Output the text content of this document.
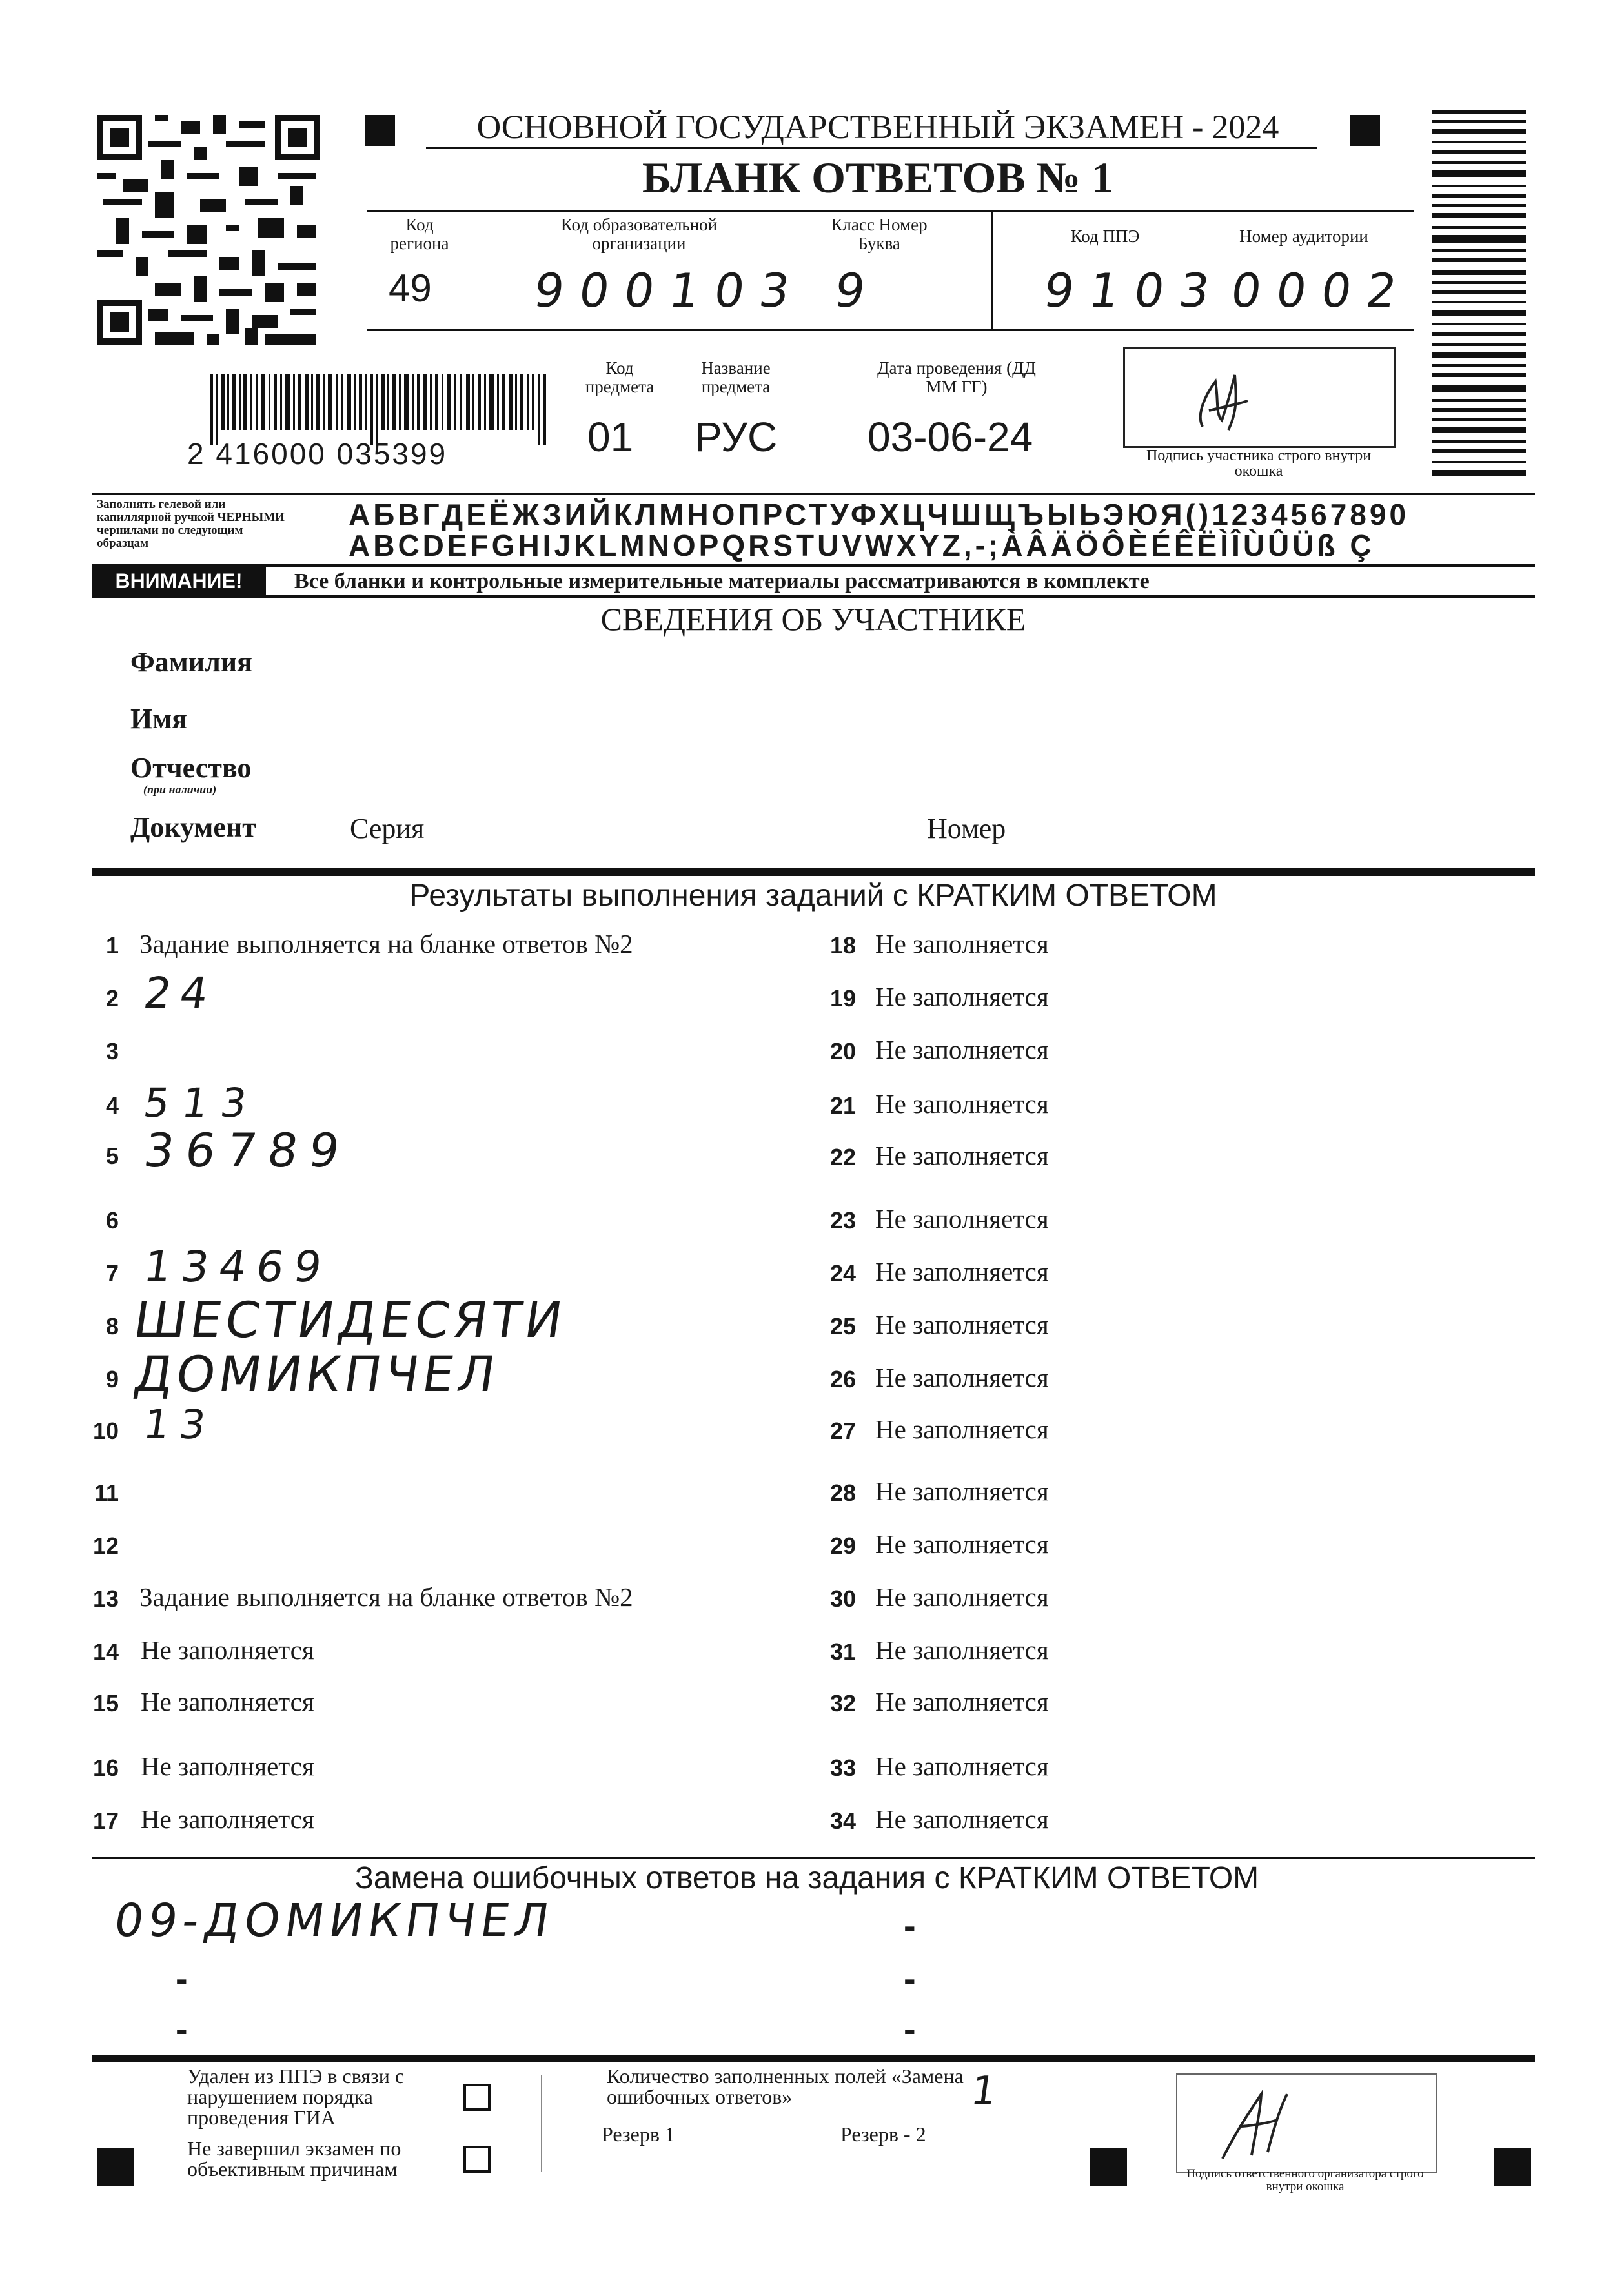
ОСНОВНОЙ ГОСУДАРСТВЕННЫЙ ЭКЗАМЕН - 2024
БЛАНК ОТВЕТОВ № 1
Код региона
49
Код образовательной организации
900103
Класс Номер Буква
9
Код ППЭ
9103
Номер аудитории
0002
2 416000 035399
Код предмета
01
Название предмета
РУС
Дата проведения (ДД ММ ГГ)
03-06-24	Подпись участника строго внутри окошка
Заполнять гелевой или капиллярной ручкой ЧЕРНЫМИ чернилами по следующим образцам
АБВГДЕЁЖЗИЙКЛМНОПРСТУФХЦЧШЩЪЫЬЭЮЯ()1234567890
ABCDEFGHIJKLMNOPQRSTUVWXYZ,-;ÀÂÄÖÔÈÉÊËÌÎÙÛÜß Ç
ВНИМАНИЕ!	Все бланки и контрольные измерительные материалы рассматриваются в комплекте
СВЕДЕНИЯ ОБ УЧАСТНИКЕ
Фамилия
Имя
Отчество
(при наличии)
Документ	Серия	Номер
Результаты выполнения заданий с КРАТКИМ ОТВЕТОМ
1 Задание выполняется на бланке ответов №2
2 24
3
4 513
5 36789
6
7 13469
8 ШЕСТИДЕСЯТИ
9 ДОМИКПЧЕЛ
10 13
11
12
13 Задание выполняется на бланке ответов №2
14 Не заполняется
15 Не заполняется
16 Не заполняется
17 Не заполняется
18 Не заполняется
19 Не заполняется
20 Не заполняется
21 Не заполняется
22 Не заполняется
23 Не заполняется
24 Не заполняется
25 Не заполняется
26 Не заполняется
27 Не заполняется
28 Не заполняется
29 Не заполняется
30 Не заполняется
31 Не заполняется
32 Не заполняется
33 Не заполняется
34 Не заполняется
Замена ошибочных ответов на задания с КРАТКИМ ОТВЕТОМ
09-ДОМИКПЧЕЛ	-
-	-
-	-
Удален из ППЭ в связи с нарушением порядка проведения ГИА
Не завершил экзамен по объективным причинам
Количество заполненных полей «Замена ошибочных ответов»	1
Резерв 1	Резерв - 2
Подпись ответственного организатора строго внутри окошка
